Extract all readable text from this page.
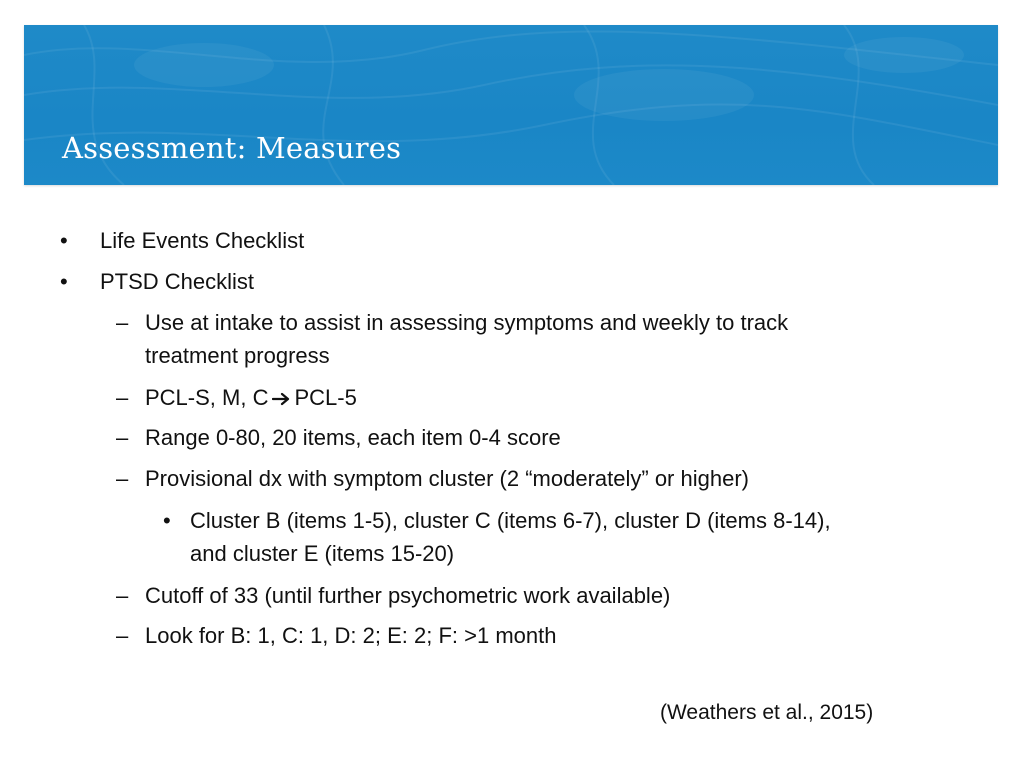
Assessment: Measures
• Life Events Checklist
• PTSD Checklist
– Use at intake to assist in assessing symptoms and weekly to track
treatment progress
– PCL-S, M, C PCL-5
– Range 0-80, 20 items, each item 0-4 score
– Provisional dx with symptom cluster (2 “moderately” or higher)
• Cluster B (items 1-5), cluster C (items 6-7), cluster D (items 8-14),
and cluster E (items 15-20)
– Cutoff of 33 (until further psychometric work available)
– Look for B: 1, C: 1, D: 2; E: 2; F: >1 month
(Weathers et al., 2015)
